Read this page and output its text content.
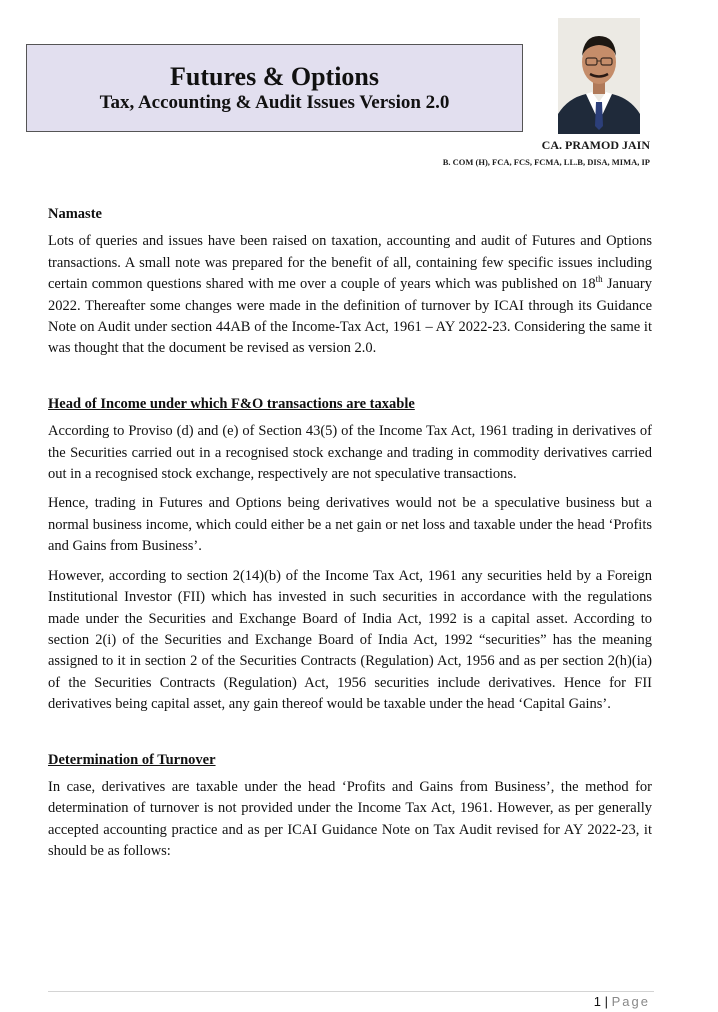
Futures & Options
Tax, Accounting & Audit Issues Version 2.0
CA. PRAMOD JAIN
B. COM (H), FCA, FCS, FCMA, LL.B, DISA, MIMA, IP
Namaste

Lots of queries and issues have been raised on taxation, accounting and audit of Futures and Options transactions. A small note was prepared for the benefit of all, containing few specific issues including certain common questions shared with me over a couple of years which was published on 18th January 2022. Thereafter some changes were made in the definition of turnover by ICAI through its Guidance Note on Audit under section 44AB of the Income-Tax Act, 1961 – AY 2022-23. Considering the same it was thought that the document be revised as version 2.0.

Head of Income under which F&O transactions are taxable

According to Proviso (d) and (e) of Section 43(5) of the Income Tax Act, 1961 trading in derivatives of the Securities carried out in a recognised stock exchange and trading in commodity derivatives carried out in a recognised stock exchange, respectively are not speculative transactions.

Hence, trading in Futures and Options being derivatives would not be a speculative business but a normal business income, which could either be a net gain or net loss and taxable under the head ‘Profits and Gains from Business’.

However, according to section 2(14)(b) of the Income Tax Act, 1961 any securities held by a Foreign Institutional Investor (FII) which has invested in such securities in accordance with the regulations made under the Securities and Exchange Board of India Act, 1992 is a capital asset. According to section 2(i) of the Securities and Exchange Board of India Act, 1992 “securities” has the meaning assigned to it in section 2 of the Securities Contracts (Regulation) Act, 1956 and as per section 2(h)(ia) of the Securities Contracts (Regulation) Act, 1956 securities include derivatives. Hence for FII derivatives being capital asset, any gain thereof would be taxable under the head ‘Capital Gains’.

Determination of Turnover

In case, derivatives are taxable under the head ‘Profits and Gains from Business’, the method for determination of turnover is not provided under the Income Tax Act, 1961. However, as per generally accepted accounting practice and as per ICAI Guidance Note on Tax Audit revised for AY 2022-23, it should be as follows:

1 | Page
